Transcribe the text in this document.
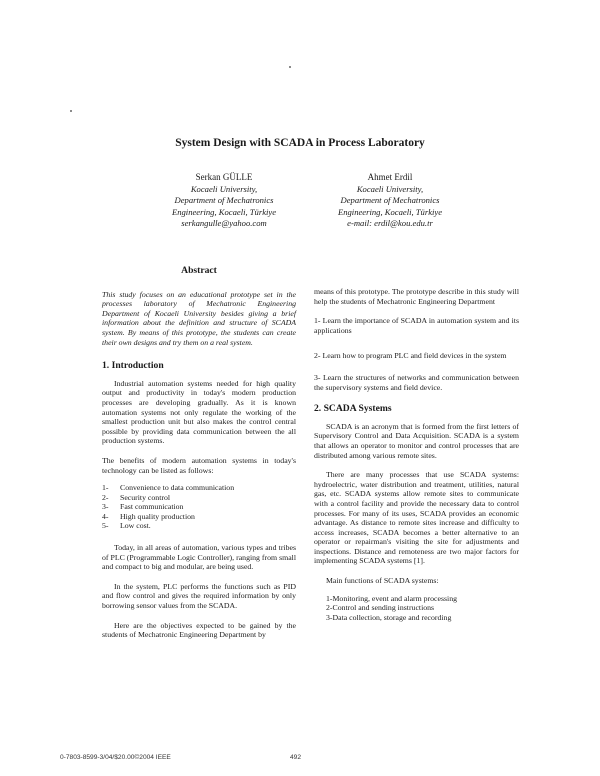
System Design with SCADA in Process Laboratory
Serkan GÜLLE
Kocaeli University,
Department of Mechatronics
Engineering, Kocaeli, Türkiye
serkangulle@yahoo.com
Ahmet Erdil
Kocaeli University,
Department of Mechatronics
Engineering, Kocaeli, Türkiye
e-mail: erdil@kou.edu.tr
Abstract
This study focuses on an educational prototype set in the processes laboratory of Mechatronic Engineering Department of Kocaeli University besides giving a brief information about the definition and structure of SCADA system. By means of this prototype, the students can create their own designs and try them on a real system.
1. Introduction
Industrial automation systems needed for high quality output and productivity in today's modern production processes are developing gradually. As it is known automation systems not only regulate the working of the smallest production unit but also makes the control central possible by providing data communication between the all production systems.
The benefits of modern automation systems in today's technology can be listed as follows:
1-	Convenience to data communication
2-	Security control
3-	Fast communication
4-	High quality production
5-	Low cost.
Today, in all areas of automation, various types and tribes of PLC (Programmable Logic Controller), ranging from small and compact to big and modular, are being used.
In the system, PLC performs the functions such as PID and flow control and gives the required information by only borrowing sensor values from the SCADA.
Here are the objectives expected to be gained by the students of Mechatronic Engineering Department by
means of this prototype. The prototype describe in this study will help the students of Mechatronic Engineering Department
1- Learn the importance of SCADA in automation system and its applications
2- Learn how to program PLC and field devices in the system
3- Learn the structures of networks and communication between the supervisory systems and field device.
2. SCADA Systems
SCADA is an acronym that is formed from the first letters of Supervisory Control and Data Acquisition. SCADA is a system that allows an operator to monitor and control processes that are distributed among various remote sites.
There are many processes that use SCADA systems: hydroelectric, water distribution and treatment, utilities, natural gas, etc. SCADA systems allow remote sites to communicate with a control facility and provide the necessary data to control processes. For many of its uses, SCADA provides an economic advantage. As distance to remote sites increase and difficulty to access increases, SCADA becomes a better alternative to an operator or repairman's visiting the site for adjustments and inspections. Distance and remoteness are two major factors for implementing SCADA systems [1].
Main functions of SCADA systems:
1-Monitoring, event and alarm processing
2-Control and sending instructions
3-Data collection, storage and recording
0-7803-8599-3/04/$20.00©2004 IEEE	492
